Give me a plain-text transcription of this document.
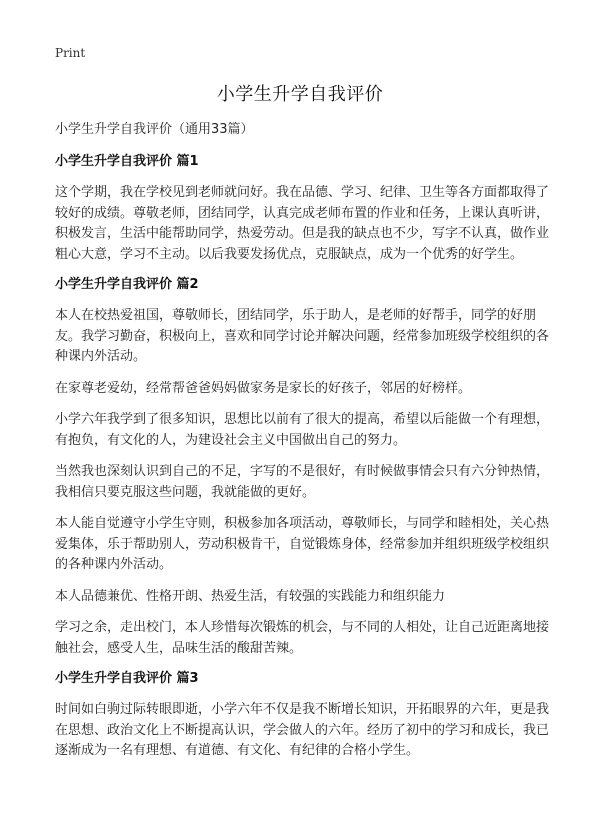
Print
小学生升学自我评价

小学生升学自我评价（通用33篇）

小学生升学自我评价 篇1

这个学期，我在学校见到老师就问好。我在品德、学习、纪律、卫生等各方面都取得了较好的成绩。尊敬老师，团结同学，认真完成老师布置的作业和任务，上课认真听讲，积极发言，生活中能帮助同学，热爱劳动。但是我的缺点也不少，写字不认真，做作业粗心大意，学习不主动。以后我要发扬优点，克服缺点，成为一个优秀的好学生。

小学生升学自我评价 篇2

本人在校热爱祖国，尊敬师长，团结同学，乐于助人，是老师的好帮手，同学的好朋友。我学习勤奋，积极向上，喜欢和同学讨论并解决问题，经常参加班级学校组织的各种课内外活动。

在家尊老爱幼，经常帮爸爸妈妈做家务是家长的好孩子，邻居的好榜样。

小学六年我学到了很多知识，思想比以前有了很大的提高，希望以后能做一个有理想，有抱负，有文化的人，为建设社会主义中国做出自己的努力。

当然我也深刻认识到自己的不足，字写的不是很好，有时候做事情会只有六分钟热情，我相信只要克服这些问题，我就能做的更好。

本人能自觉遵守小学生守则，积极参加各项活动，尊敬师长，与同学和睦相处，关心热爱集体，乐于帮助别人，劳动积极肯干，自觉锻炼身体，经常参加并组织班级学校组织的各种课内外活动。

本人品德兼优、性格开朗、热爱生活，有较强的实践能力和组织能力

学习之余，走出校门，本人珍惜每次锻炼的机会，与不同的人相处，让自己近距离地接触社会，感受人生，品味生活的酸甜苦辣。

小学生升学自我评价 篇3

时间如白驹过际转眼即逝，小学六年不仅是我不断增长知识，开拓眼界的六年，更是我在思想、政治文化上不断提高认识，学会做人的六年。经历了初中的学习和成长，我已逐渐成为一名有理想、有道德、有文化、有纪律的合格小学生。
